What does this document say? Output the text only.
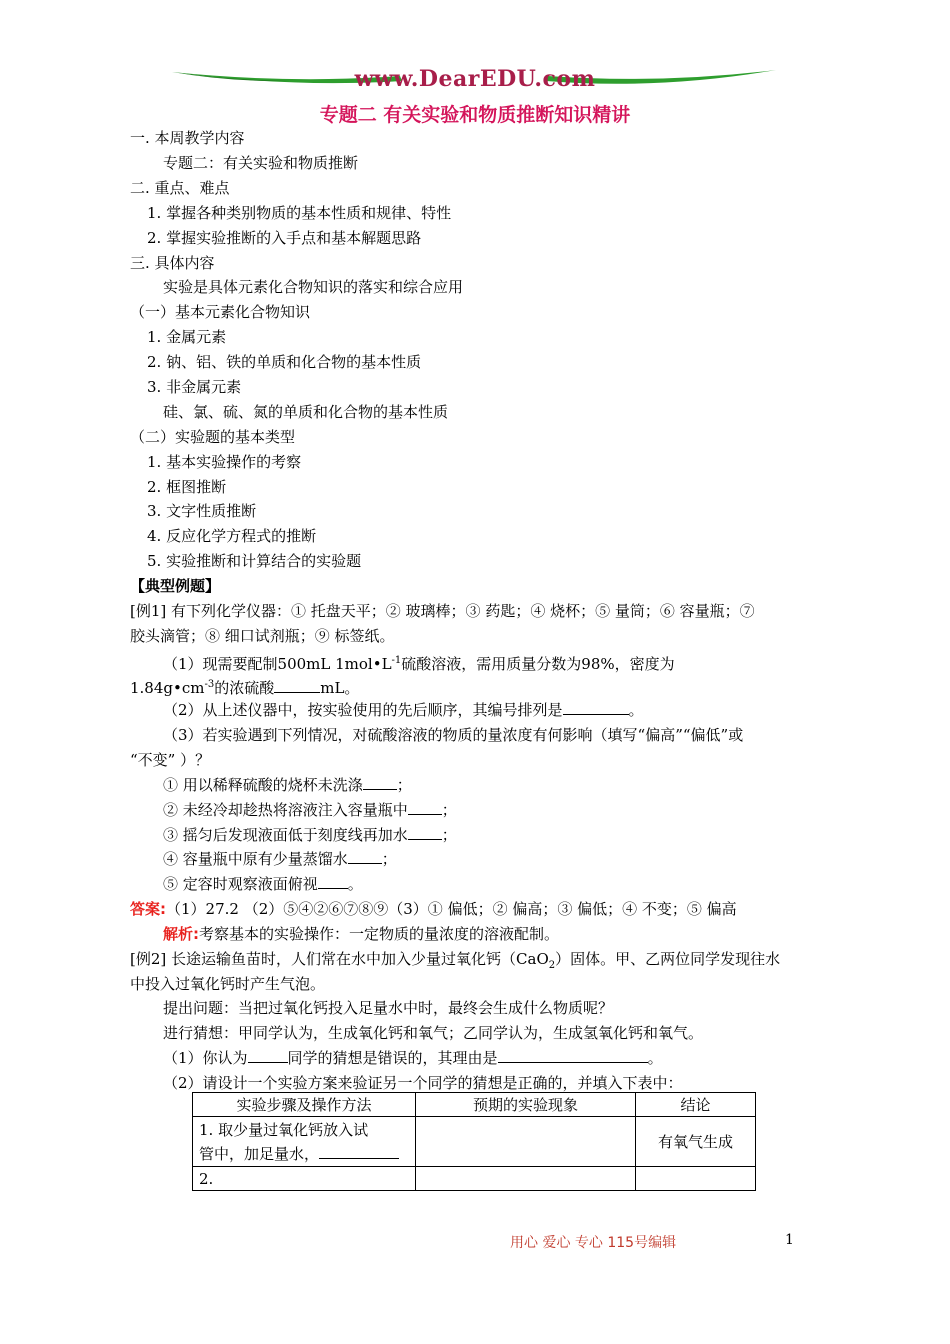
www.DearEDU.com
专题二 有关实验和物质推断知识精讲
一. 本周教学内容
专题二：有关实验和物质推断
二. 重点、难点
1. 掌握各种类别物质的基本性质和规律、特性
2. 掌握实验推断的入手点和基本解题思路
三. 具体内容
实验是具体元素化合物知识的落实和综合应用
（一）基本元素化合物知识
1. 金属元素
2. 钠、铝、铁的单质和化合物的基本性质
3. 非金属元素
硅、氯、硫、氮的单质和化合物的基本性质
（二）实验题的基本类型
1. 基本实验操作的考察
2. 框图推断
3. 文字性质推断
4. 反应化学方程式的推断
5. 实验推断和计算结合的实验题
【典型例题】
[例1] 有下列化学仪器：① 托盘天平；② 玻璃棒；③ 药匙；④ 烧杯；⑤ 量筒；⑥ 容量瓶；⑦
胶头滴管；⑧ 细口试剂瓶；⑨ 标签纸。
（1）现需要配制500mL $1mol•L^{-1}$硫酸溶液，需用质量分数为98%，密度为
$1.84g•cm^{-3}$的浓硫酸	mL。
（2）从上述仪器中，按实验使用的先后顺序，其编号排列是	。
（3）若实验遇到下列情况，对硫酸溶液的物质的量浓度有何影响（填写“偏高”“偏低”或
“不变” ）？
① 用以稀释硫酸的烧杯未洗涤 ；
② 未经冷却趁热将溶液注入容量瓶中 ；
③ 摇匀后发现液面低于刻度线再加水 ；
④ 容量瓶中原有少量蒸馏水 ；
⑤ 定容时观察液面俯视 。
答案:（1）27.2 （2）⑤④②⑥⑦⑧⑨（3）① 偏低；② 偏高；③ 偏低；④ 不变；⑤ 偏高
解析:考察基本的实验操作：一定物质的量浓度的溶液配制。
[例2] 长途运输鱼苗时，人们常在水中加入少量过氧化钙（CaO$_2$）固体。甲、乙两位同学发现往水
中投入过氧化钙时产生气泡。
提出问题：当把过氧化钙投入足量水中时，最终会生成什么物质呢？
进行猜想：甲同学认为，生成氧化钙和氧气；乙同学认为，生成氢氧化钙和氧气。
（1）你认为	同学的猜想是错误的，其理由是	。
（2）请设计一个实验方案来验证另一个同学的猜想是正确的，并填入下表中：
实验步骤及操作方法	预期的实验现象	结论
1. 取少量过氧化钙放入试
管中，加足量水，		有氧气生成
2.		
用心 爱心 专心 115号编辑	1
